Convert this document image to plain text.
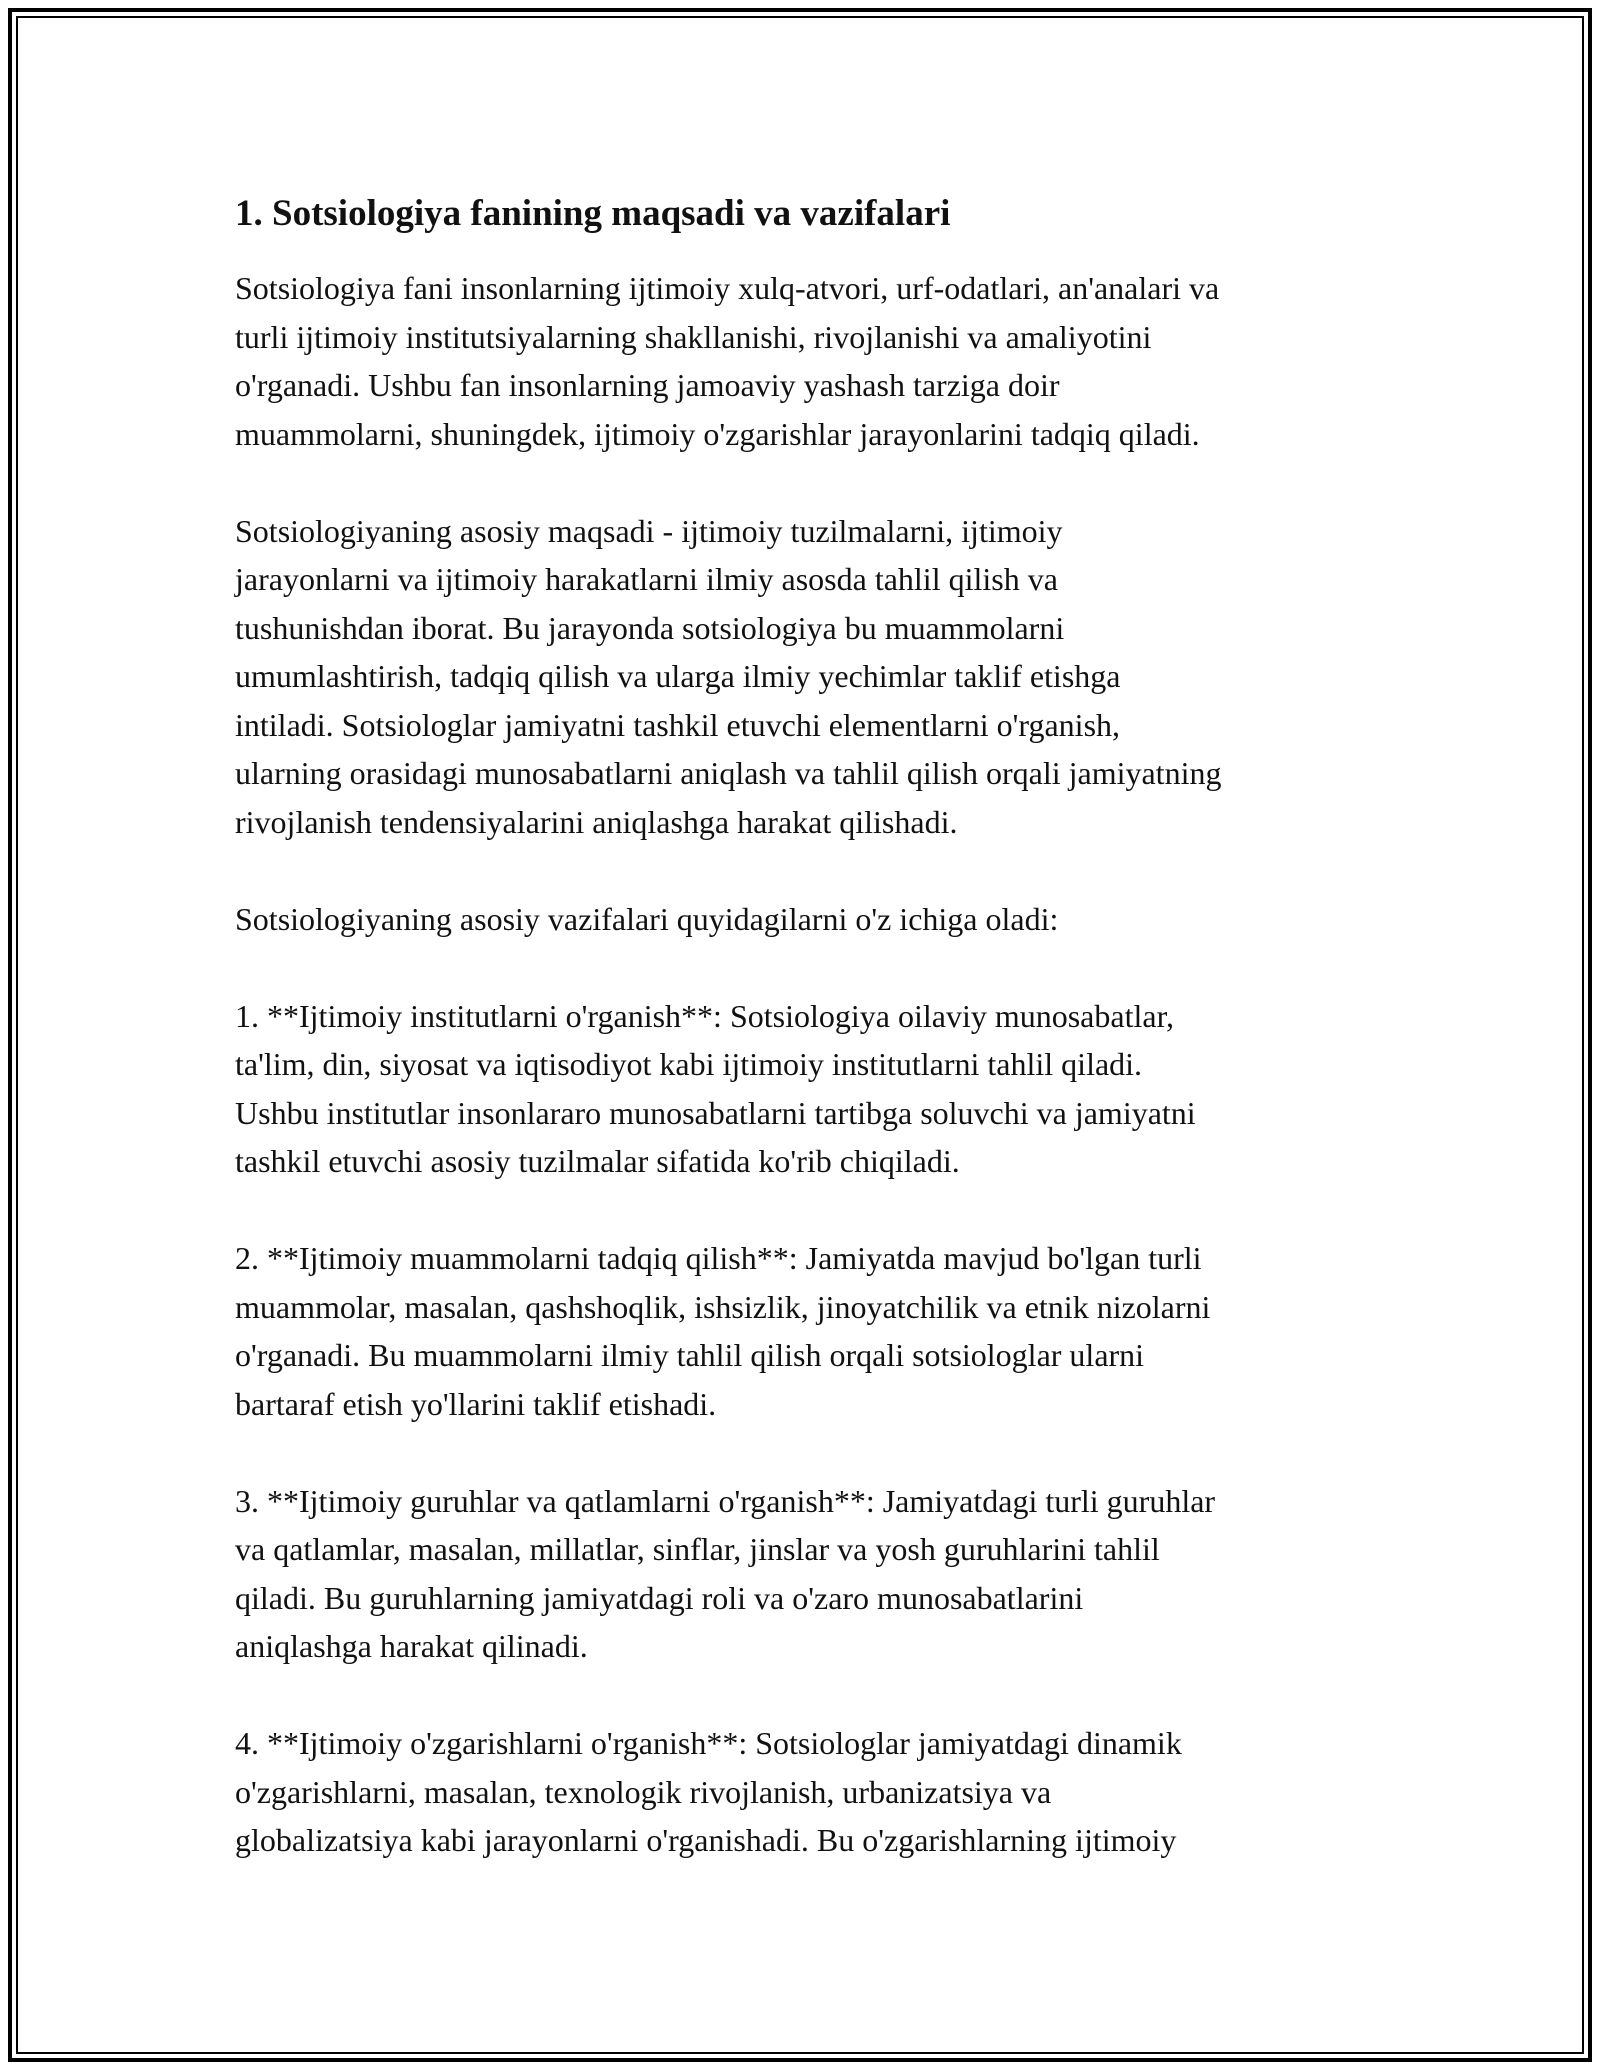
1. Sotsiologiya fanining maqsadi va vazifalari

Sotsiologiya fani insonlarning ijtimoiy xulq-atvori, urf-odatlari, an'analari va
turli ijtimoiy institutsiyalarning shakllanishi, rivojlanishi va amaliyotini
o'rganadi. Ushbu fan insonlarning jamoaviy yashash tarziga doir
muammolarni, shuningdek, ijtimoiy o'zgarishlar jarayonlarini tadqiq qiladi.

Sotsiologiyaning asosiy maqsadi - ijtimoiy tuzilmalarni, ijtimoiy
jarayonlarni va ijtimoiy harakatlarni ilmiy asosda tahlil qilish va
tushunishdan iborat. Bu jarayonda sotsiologiya bu muammolarni
umumlashtirish, tadqiq qilish va ularga ilmiy yechimlar taklif etishga
intiladi. Sotsiologlar jamiyatni tashkil etuvchi elementlarni o'rganish,
ularning orasidagi munosabatlarni aniqlash va tahlil qilish orqali jamiyatning
rivojlanish tendensiyalarini aniqlashga harakat qilishadi.

Sotsiologiyaning asosiy vazifalari quyidagilarni o'z ichiga oladi:

1. **Ijtimoiy institutlarni o'rganish**: Sotsiologiya oilaviy munosabatlar,
ta'lim, din, siyosat va iqtisodiyot kabi ijtimoiy institutlarni tahlil qiladi.
Ushbu institutlar insonlararo munosabatlarni tartibga soluvchi va jamiyatni
tashkil etuvchi asosiy tuzilmalar sifatida ko'rib chiqiladi.

2. **Ijtimoiy muammolarni tadqiq qilish**: Jamiyatda mavjud bo'lgan turli
muammolar, masalan, qashshoqlik, ishsizlik, jinoyatchilik va etnik nizolarni
o'rganadi. Bu muammolarni ilmiy tahlil qilish orqali sotsiologlar ularni
bartaraf etish yo'llarini taklif etishadi.

3. **Ijtimoiy guruhlar va qatlamlarni o'rganish**: Jamiyatdagi turli guruhlar
va qatlamlar, masalan, millatlar, sinflar, jinslar va yosh guruhlarini tahlil
qiladi. Bu guruhlarning jamiyatdagi roli va o'zaro munosabatlarini
aniqlashga harakat qilinadi.

4. **Ijtimoiy o'zgarishlarni o'rganish**: Sotsiologlar jamiyatdagi dinamik
o'zgarishlarni, masalan, texnologik rivojlanish, urbanizatsiya va
globalizatsiya kabi jarayonlarni o'rganishadi. Bu o'zgarishlarning ijtimoiy
